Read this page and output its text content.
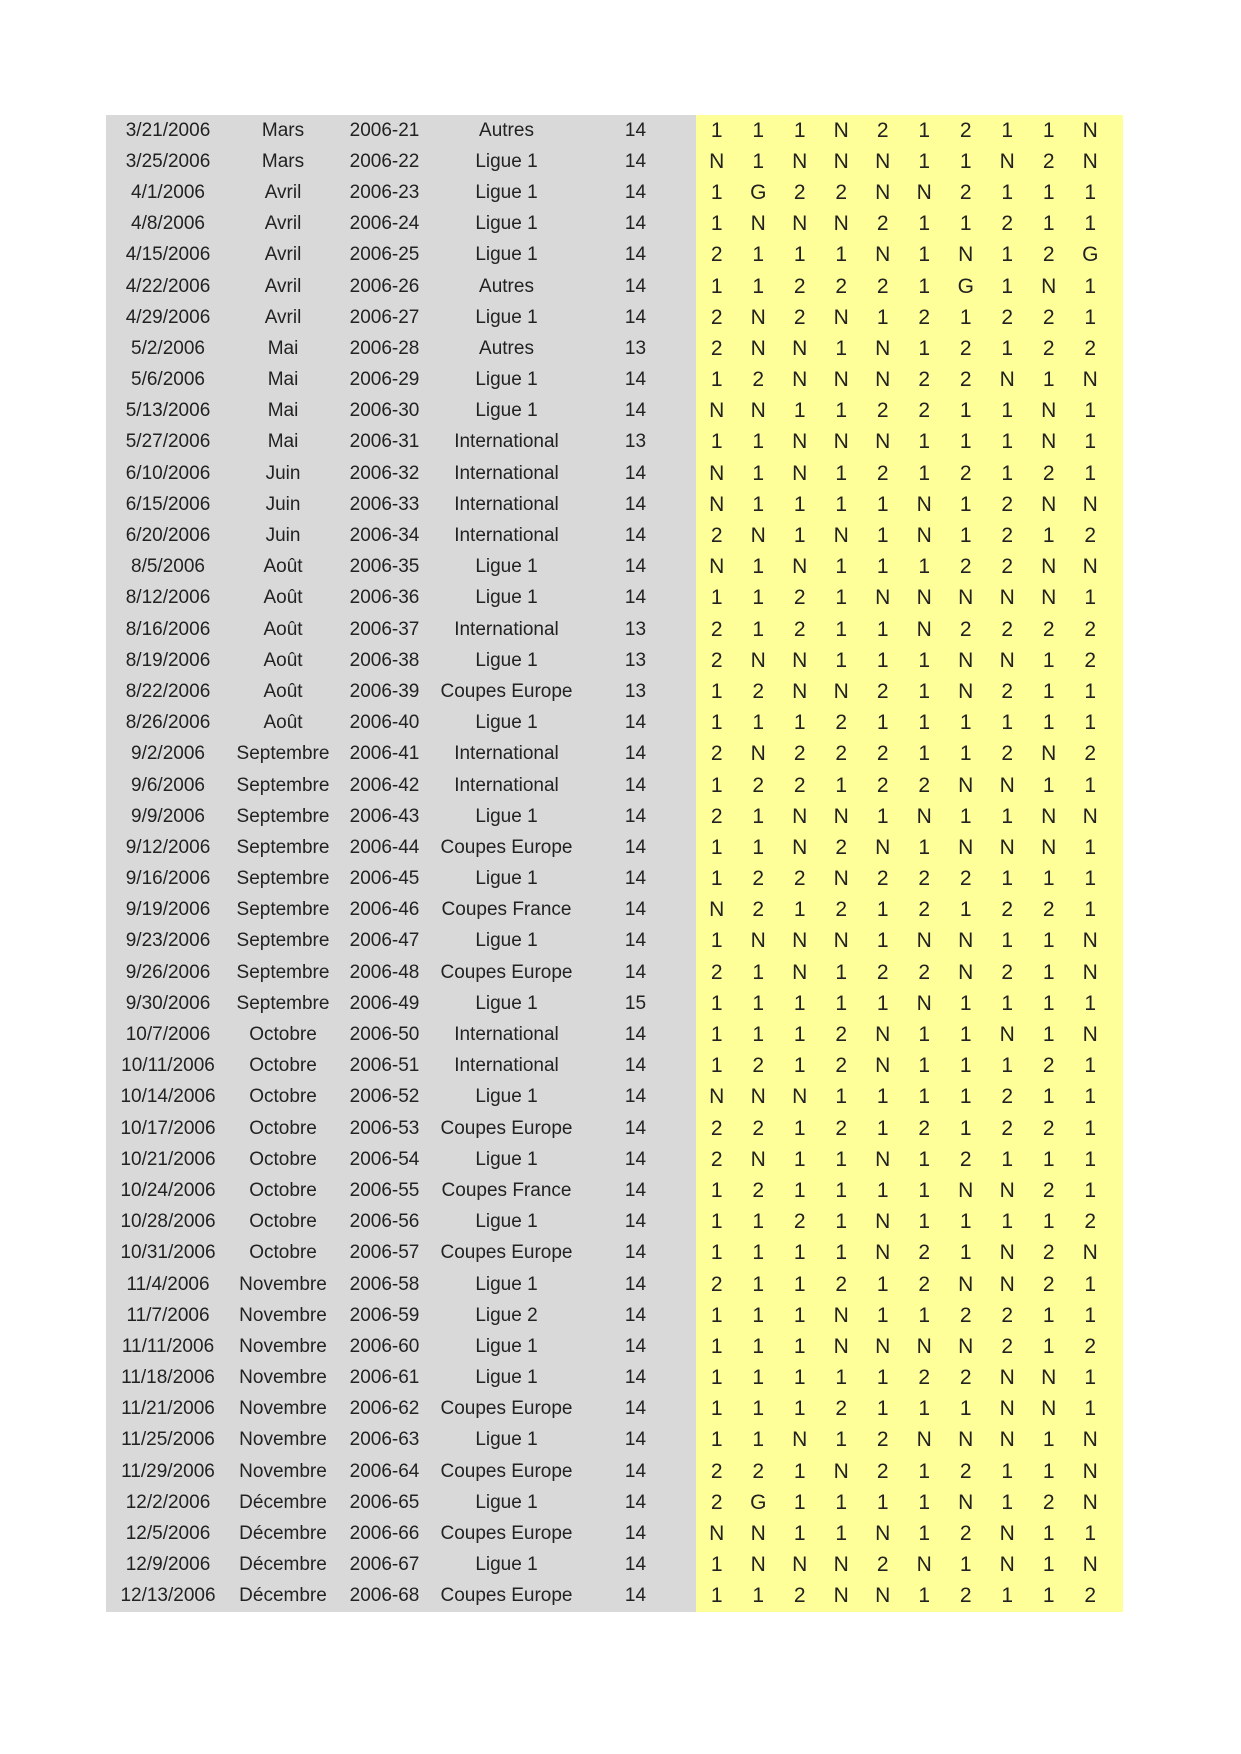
3/21/2006	Mars	2006-21	Autres	14		1	1	1	N	2	1	2	1	1	N	
3/25/2006	Mars	2006-22	Ligue 1	14		N	1	N	N	N	1	1	N	2	N	
4/1/2006	Avril	2006-23	Ligue 1	14		1	G	2	2	N	N	2	1	1	1	
4/8/2006	Avril	2006-24	Ligue 1	14		1	N	N	N	2	1	1	2	1	1	
4/15/2006	Avril	2006-25	Ligue 1	14		2	1	1	1	N	1	N	1	2	G	
4/22/2006	Avril	2006-26	Autres	14		1	1	2	2	2	1	G	1	N	1	
4/29/2006	Avril	2006-27	Ligue 1	14		2	N	2	N	1	2	1	2	2	1	
5/2/2006	Mai	2006-28	Autres	13		2	N	N	1	N	1	2	1	2	2	
5/6/2006	Mai	2006-29	Ligue 1	14		1	2	N	N	N	2	2	N	1	N	
5/13/2006	Mai	2006-30	Ligue 1	14		N	N	1	1	2	2	1	1	N	1	
5/27/2006	Mai	2006-31	International	13		1	1	N	N	N	1	1	1	N	1	
6/10/2006	Juin	2006-32	International	14		N	1	N	1	2	1	2	1	2	1	
6/15/2006	Juin	2006-33	International	14		N	1	1	1	1	N	1	2	N	N	
6/20/2006	Juin	2006-34	International	14		2	N	1	N	1	N	1	2	1	2	
8/5/2006	Août	2006-35	Ligue 1	14		N	1	N	1	1	1	2	2	N	N	
8/12/2006	Août	2006-36	Ligue 1	14		1	1	2	1	N	N	N	N	N	1	
8/16/2006	Août	2006-37	International	13		2	1	2	1	1	N	2	2	2	2	
8/19/2006	Août	2006-38	Ligue 1	13		2	N	N	1	1	1	N	N	1	2	
8/22/2006	Août	2006-39	Coupes Europe	13		1	2	N	N	2	1	N	2	1	1	
8/26/2006	Août	2006-40	Ligue 1	14		1	1	1	2	1	1	1	1	1	1	
9/2/2006	Septembre	2006-41	International	14		2	N	2	2	2	1	1	2	N	2	
9/6/2006	Septembre	2006-42	International	14		1	2	2	1	2	2	N	N	1	1	
9/9/2006	Septembre	2006-43	Ligue 1	14		2	1	N	N	1	N	1	1	N	N	
9/12/2006	Septembre	2006-44	Coupes Europe	14		1	1	N	2	N	1	N	N	N	1	
9/16/2006	Septembre	2006-45	Ligue 1	14		1	2	2	N	2	2	2	1	1	1	
9/19/2006	Septembre	2006-46	Coupes France	14		N	2	1	2	1	2	1	2	2	1	
9/23/2006	Septembre	2006-47	Ligue 1	14		1	N	N	N	1	N	N	1	1	N	
9/26/2006	Septembre	2006-48	Coupes Europe	14		2	1	N	1	2	2	N	2	1	N	
9/30/2006	Septembre	2006-49	Ligue 1	15		1	1	1	1	1	N	1	1	1	1	
10/7/2006	Octobre	2006-50	International	14		1	1	1	2	N	1	1	N	1	N	
10/11/2006	Octobre	2006-51	International	14		1	2	1	2	N	1	1	1	2	1	
10/14/2006	Octobre	2006-52	Ligue 1	14		N	N	N	1	1	1	1	2	1	1	
10/17/2006	Octobre	2006-53	Coupes Europe	14		2	2	1	2	1	2	1	2	2	1	
10/21/2006	Octobre	2006-54	Ligue 1	14		2	N	1	1	N	1	2	1	1	1	
10/24/2006	Octobre	2006-55	Coupes France	14		1	2	1	1	1	1	N	N	2	1	
10/28/2006	Octobre	2006-56	Ligue 1	14		1	1	2	1	N	1	1	1	1	2	
10/31/2006	Octobre	2006-57	Coupes Europe	14		1	1	1	1	N	2	1	N	2	N	
11/4/2006	Novembre	2006-58	Ligue 1	14		2	1	1	2	1	2	N	N	2	1	
11/7/2006	Novembre	2006-59	Ligue 2	14		1	1	1	N	1	1	2	2	1	1	
11/11/2006	Novembre	2006-60	Ligue 1	14		1	1	1	N	N	N	N	2	1	2	
11/18/2006	Novembre	2006-61	Ligue 1	14		1	1	1	1	1	2	2	N	N	1	
11/21/2006	Novembre	2006-62	Coupes Europe	14		1	1	1	2	1	1	1	N	N	1	
11/25/2006	Novembre	2006-63	Ligue 1	14		1	1	N	1	2	N	N	N	1	N	
11/29/2006	Novembre	2006-64	Coupes Europe	14		2	2	1	N	2	1	2	1	1	N	
12/2/2006	Décembre	2006-65	Ligue 1	14		2	G	1	1	1	1	N	1	2	N	
12/5/2006	Décembre	2006-66	Coupes Europe	14		N	N	1	1	N	1	2	N	1	1	
12/9/2006	Décembre	2006-67	Ligue 1	14		1	N	N	N	2	N	1	N	1	N	
12/13/2006	Décembre	2006-68	Coupes Europe	14		1	1	2	N	N	1	2	1	1	2	
